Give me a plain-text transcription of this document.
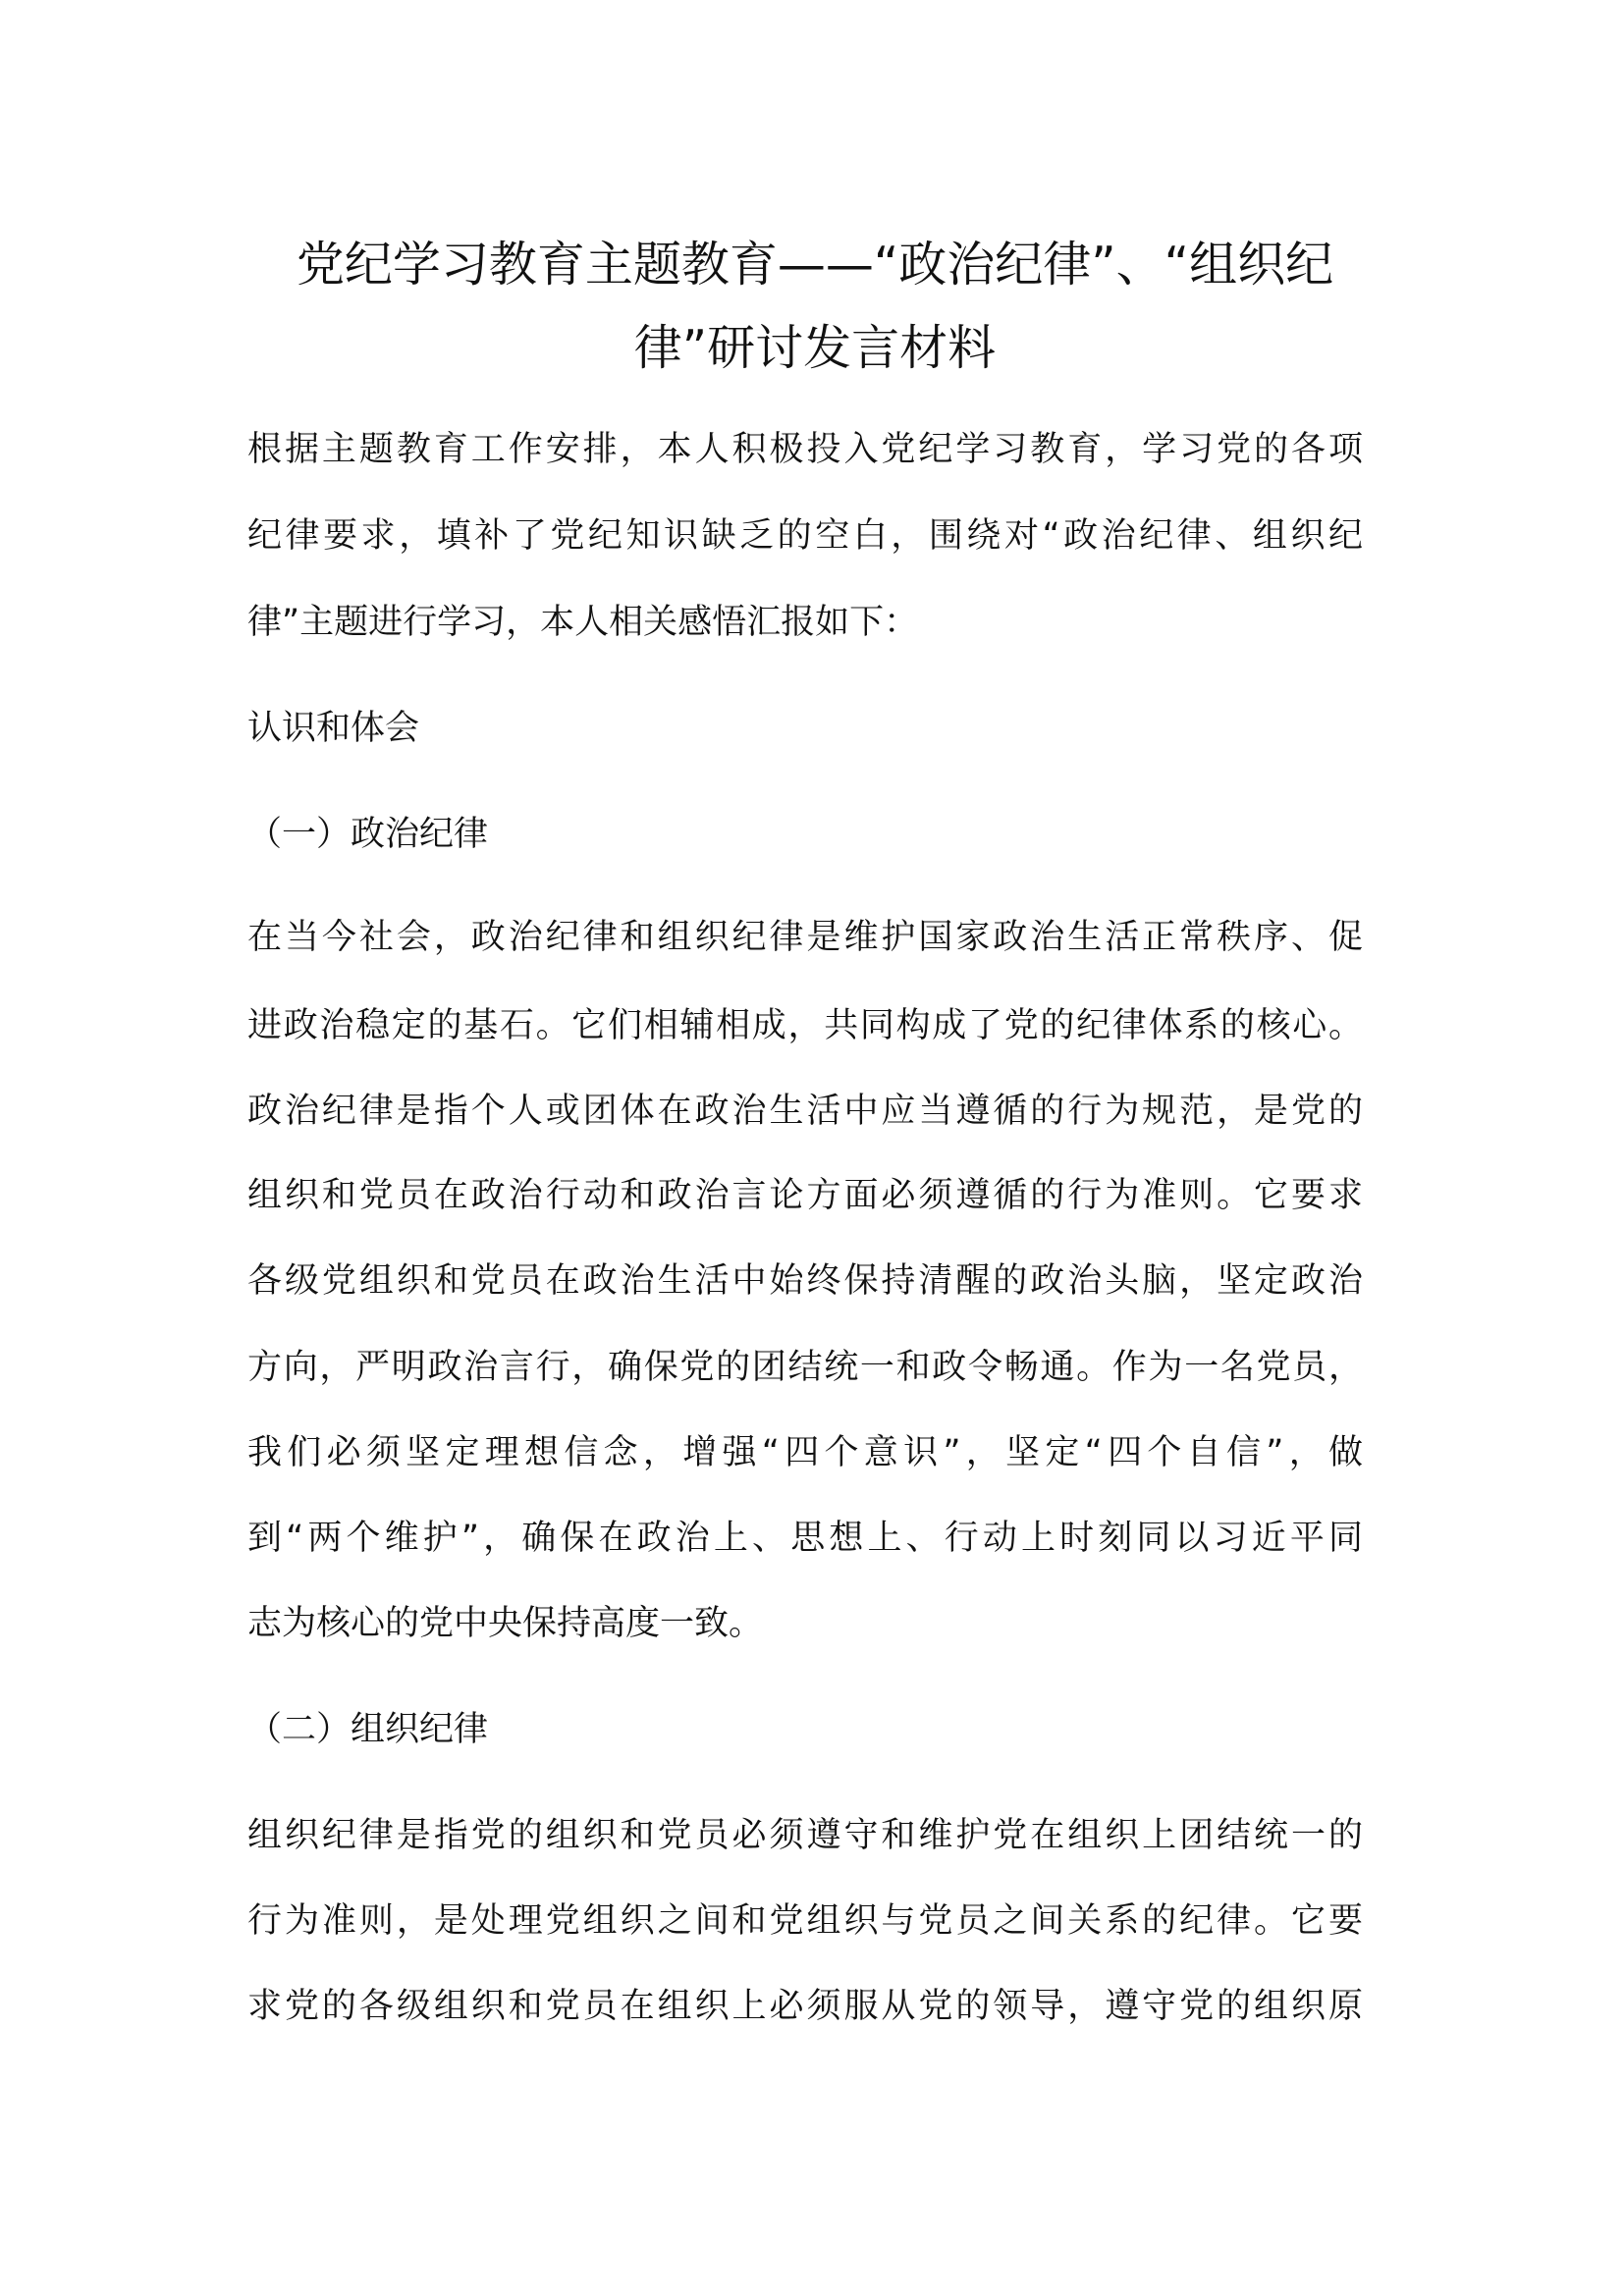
党纪学习教育主题教育——“政治纪律”、“组织纪
律”研讨发言材料
根据主题教育工作安排，本人积极投入党纪学习教育，学习党的各项
纪律要求，填补了党纪知识缺乏的空白，围绕对“政治纪律、组织纪
律”主题进行学习，本人相关感悟汇报如下：
认识和体会
（一）政治纪律
在当今社会，政治纪律和组织纪律是维护国家政治生活正常秩序、促
进政治稳定的基石。它们相辅相成，共同构成了党的纪律体系的核心。
政治纪律是指个人或团体在政治生活中应当遵循的行为规范，是党的
组织和党员在政治行动和政治言论方面必须遵循的行为准则。它要求
各级党组织和党员在政治生活中始终保持清醒的政治头脑，坚定政治
方向，严明政治言行，确保党的团结统一和政令畅通。作为一名党员，
我们必须坚定理想信念，增强“四个意识”，坚定“四个自信”，做
到“两个维护”，确保在政治上、思想上、行动上时刻同以习近平同
志为核心的党中央保持高度一致。
（二）组织纪律
组织纪律是指党的组织和党员必须遵守和维护党在组织上团结统一的
行为准则，是处理党组织之间和党组织与党员之间关系的纪律。它要
求党的各级组织和党员在组织上必须服从党的领导，遵守党的组织原
